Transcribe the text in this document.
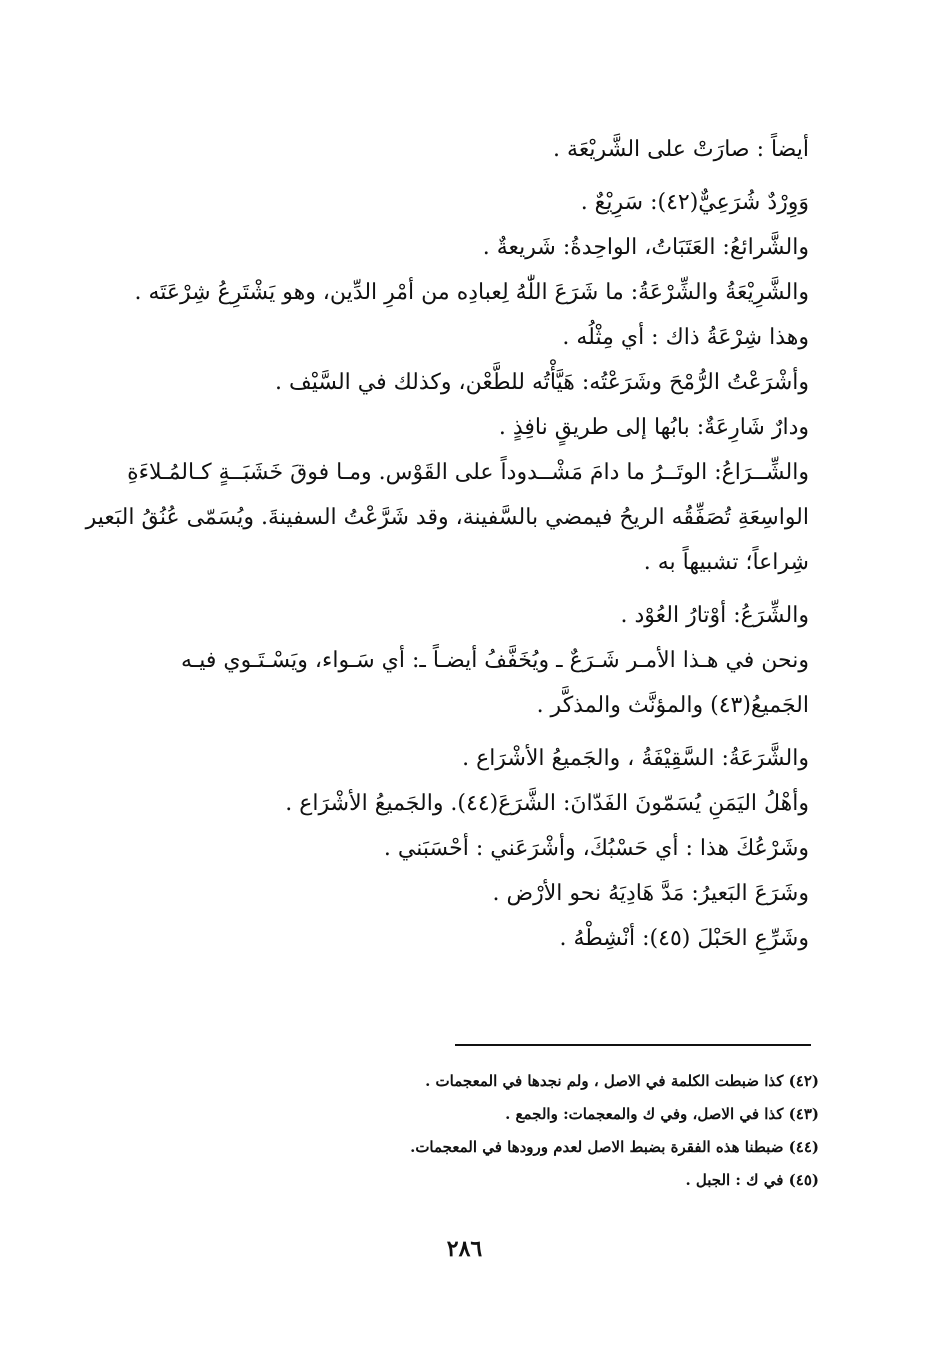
أيضاً : صارَتْ على الشَّريْعَة .
وَوِرْدٌ شُرَعِيٌّ(٤٢): سَرِيْعٌ .
والشَّرائعُ: العَتَبَاتُ، الواحِدةُ: شَريعةٌ .
والشَّرِيْعَةُ والشِّرْعَةُ: ما شَرَعَ اللّٰهُ لِعبادِه من أمْرِ الدِّين، وهو يَشْتَرِعُ شِرْعَتَه .
وهذا شِرْعَةُ ذاك : أي مِثْلُه .
وأشْرَعْتُ الرُّمْحَ وشَرَعْتُه: هَيَّأْتُه للطَّعْن، وكذلك في السَّيْف .
ودارٌ شَارِعَةٌ: بابُها إلى طريقٍ نافِذٍ .
والشِّــرَاعُ: الوتَــرُ ما دامَ مَشْــدوداً على القَوْس. ومـا فوقَ خَشَبَــةٍ كـالمُـلاءَةِ
الواسِعَةِ تُصَفِّقُه الريحُ فيمضي بالسَّفينة، وقد شَرَّعْتُ السفينةَ. ويُسَمّى عُنُقُ البَعير
شِراعاً؛ تشبيهاً به .
والشِّرَعُ: أوْتارُ العُوْد .
ونحن في هـذا الأمـر شَـرَعٌ ـ ويُخَفَّفُ أيضـاً ـ: أي سَـواء، ويَسْـتَـوي فيـه
الجَميعُ(٤٣) والمؤنَّث والمذكَّر .
والشَّرَعَةُ: السَّقِيْفَةُ ، والجَميعُ الأشْرَاع .
وأهْلُ اليَمَنِ يُسَمّونَ الفَدّانَ: الشَّرَعَ(٤٤). والجَميعُ الأشْرَاع .
وشَرْعُكَ هذا : أي حَسْبُكَ، وأشْرَعَني : أحْسَبَني .
وشَرَعَ البَعيرُ: مَدَّ هَادِيَهُ نحو الأرْض .
وشَرِّعِ الحَبْلَ (٤٥): أنْشِطْهُ .
(٤٢) كذا ضبطت الكلمة في الاصل ، ولم نجدها في المعجمات .
(٤٣) كذا في الاصل، وفي ك والمعجمات: والجمع .
(٤٤) ضبطنا هذه الفقرة بضبط الاصل لعدم ورودها في المعجمات.
(٤٥) في ك : الجبل .
٢٨٦
